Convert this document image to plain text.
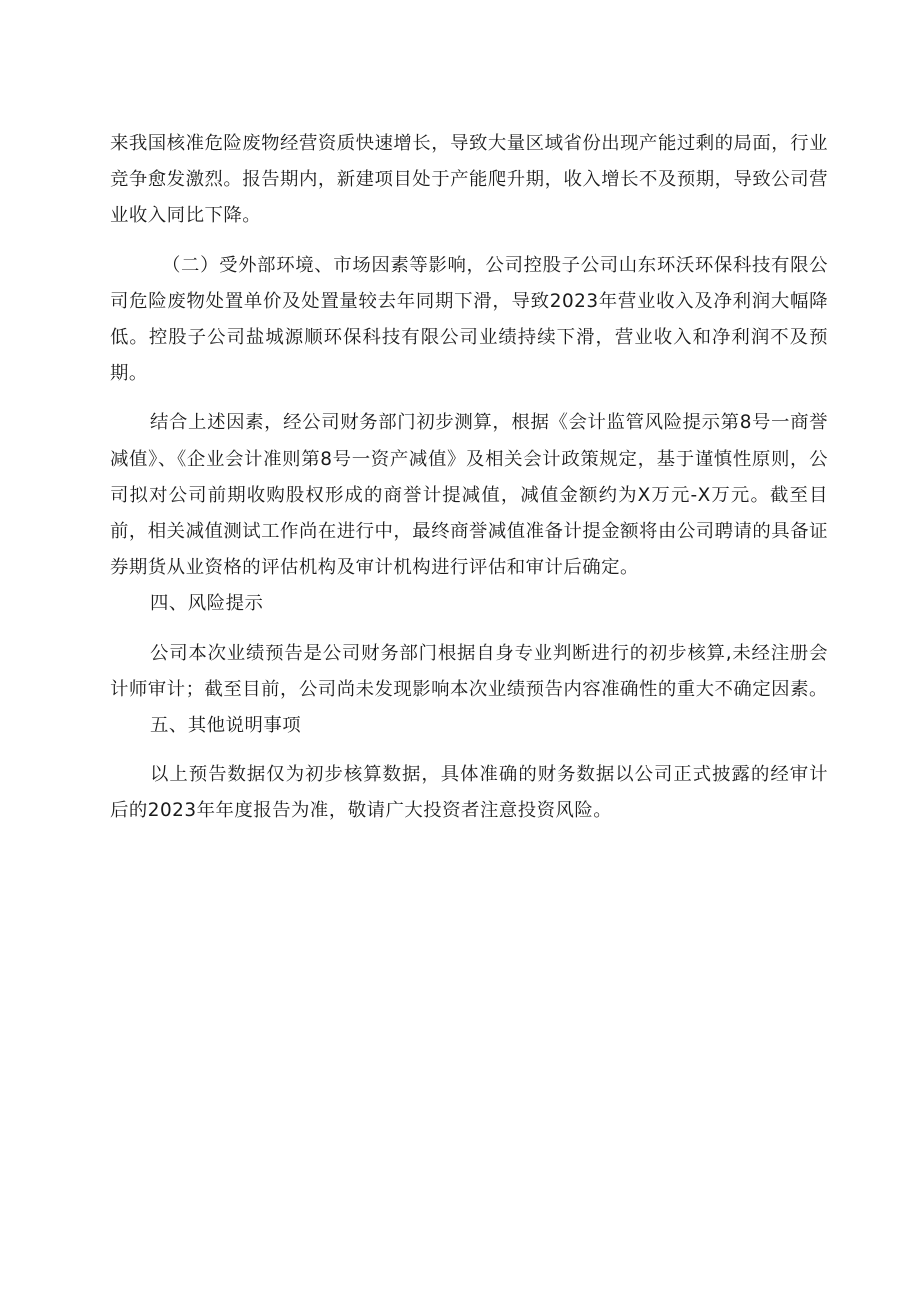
来我国核准危险废物经营资质快速增长，导致大量区域省份出现产能过剩的局面，行业竞争愈发激烈。报告期内，新建项目处于产能爬升期，收入增长不及预期，导致公司营业收入同比下降。

（二）受外部环境、市场因素等影响，公司控股子公司山东环沃环保科技有限公司危险废物处置单价及处置量较去年同期下滑，导致2023年营业收入及净利润大幅降低。控股子公司盐城源顺环保科技有限公司业绩持续下滑，营业收入和净利润不及预期。

结合上述因素，经公司财务部门初步测算，根据《会计监管风险提示第8号一商誉减值》、《企业会计准则第8号一资产减值》及相关会计政策规定，基于谨慎性原则，公司拟对公司前期收购股权形成的商誉计提减值，减值金额约为X万元-X万元。截至目前，相关减值测试工作尚在进行中，最终商誉减值准备计提金额将由公司聘请的具备证券期货从业资格的评估机构及审计机构进行评估和审计后确定。

四、风险提示

公司本次业绩预告是公司财务部门根据自身专业判断进行的初步核算,未经注册会计师审计；截至目前，公司尚未发现影响本次业绩预告内容准确性的重大不确定因素。

五、其他说明事项

以上预告数据仅为初步核算数据，具体准确的财务数据以公司正式披露的经审计后的2023年年度报告为准，敬请广大投资者注意投资风险。
